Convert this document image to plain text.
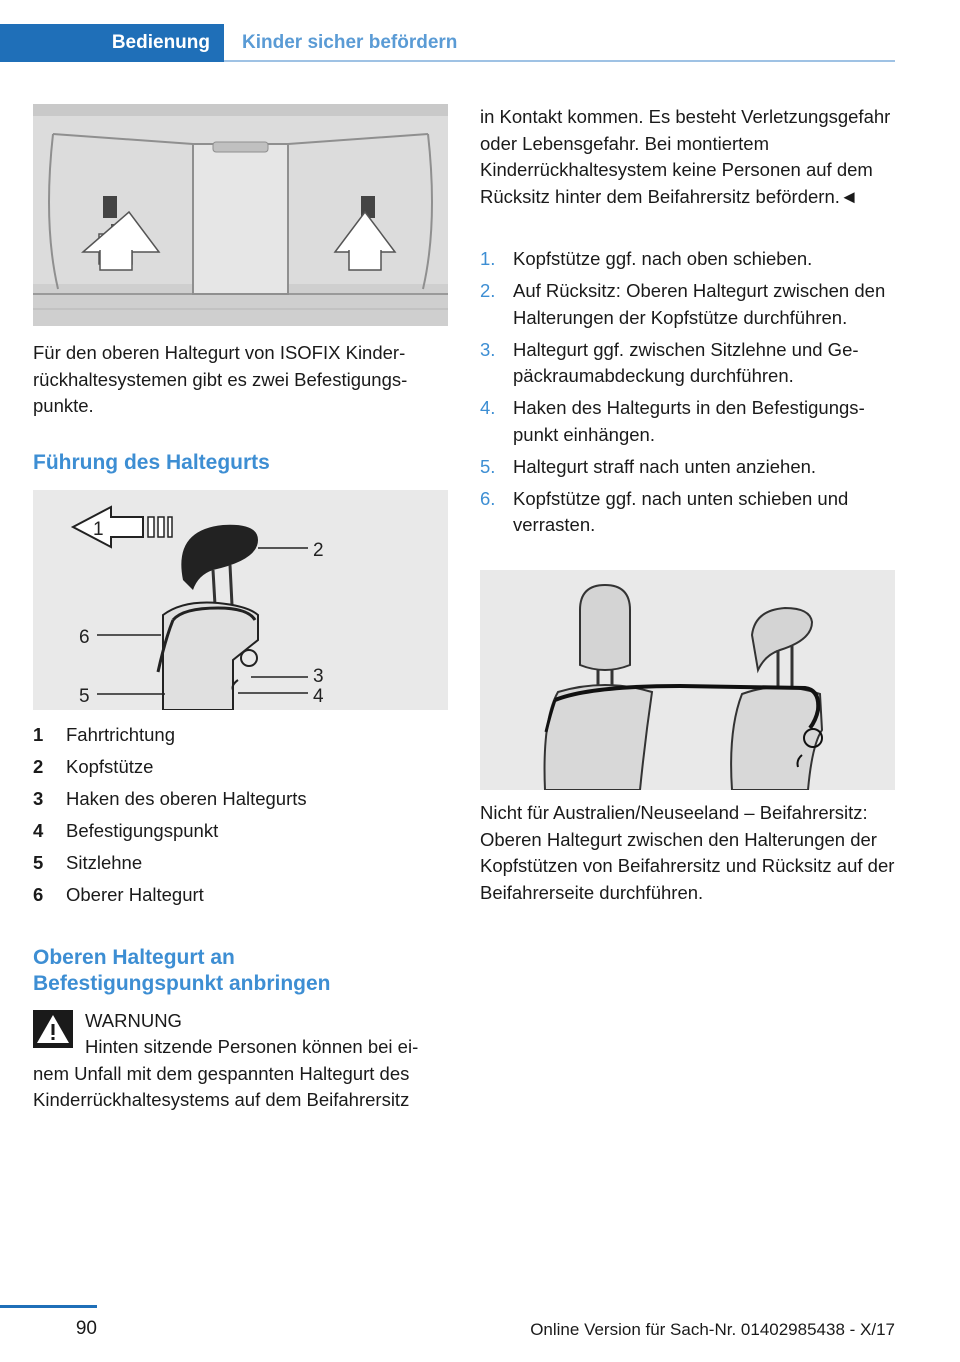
Bedienung	Kinder sicher befördern

Für den oberen Haltegurt von ISOFIX Kinderrückhaltesystemen gibt es zwei Befestigungspunkte.

Führung des Haltegurts
1
2
3
4
5
6
1 Fahrtrichtung
2 Kopfstütze
3 Haken des oberen Haltegurts
4 Befestigungspunkt
5 Sitzlehne
6 Oberer Haltegurt
Oberen Haltegurt an
Befestigungspunkt anbringen
WARNUNG

Hinten sitzende Personen können bei einem Unfall mit dem gespannten Haltegurt des Kinderrückhaltesystems auf dem Beifahrersitz

in Kontakt kommen. Es besteht Verletzungsgefahr oder Lebensgefahr. Bei montiertem Kinderrückhaltesystem keine Personen auf dem Rücksitz hinter dem Beifahrersitz befördern.◄

1. Kopfstütze ggf. nach oben schieben.
2. Auf Rücksitz: Oberen Haltegurt zwischen den Halterungen der Kopfstütze durchführen.
3. Haltegurt ggf. zwischen Sitzlehne und Gepäckraumabdeckung durchführen.
4. Haken des Haltegurts in den Befestigungspunkt einhängen.
5. Haltegurt straff nach unten anziehen.
6. Kopfstütze ggf. nach unten schieben und verrasten.

Nicht für Australien/Neuseeland – Beifahrersitz: Oberen Haltegurt zwischen den Halterungen der Kopfstützen von Beifahrersitz und Rücksitz auf der Beifahrerseite durchführen.

90	Online Version für Sach-Nr. 01402985438 - X/17
